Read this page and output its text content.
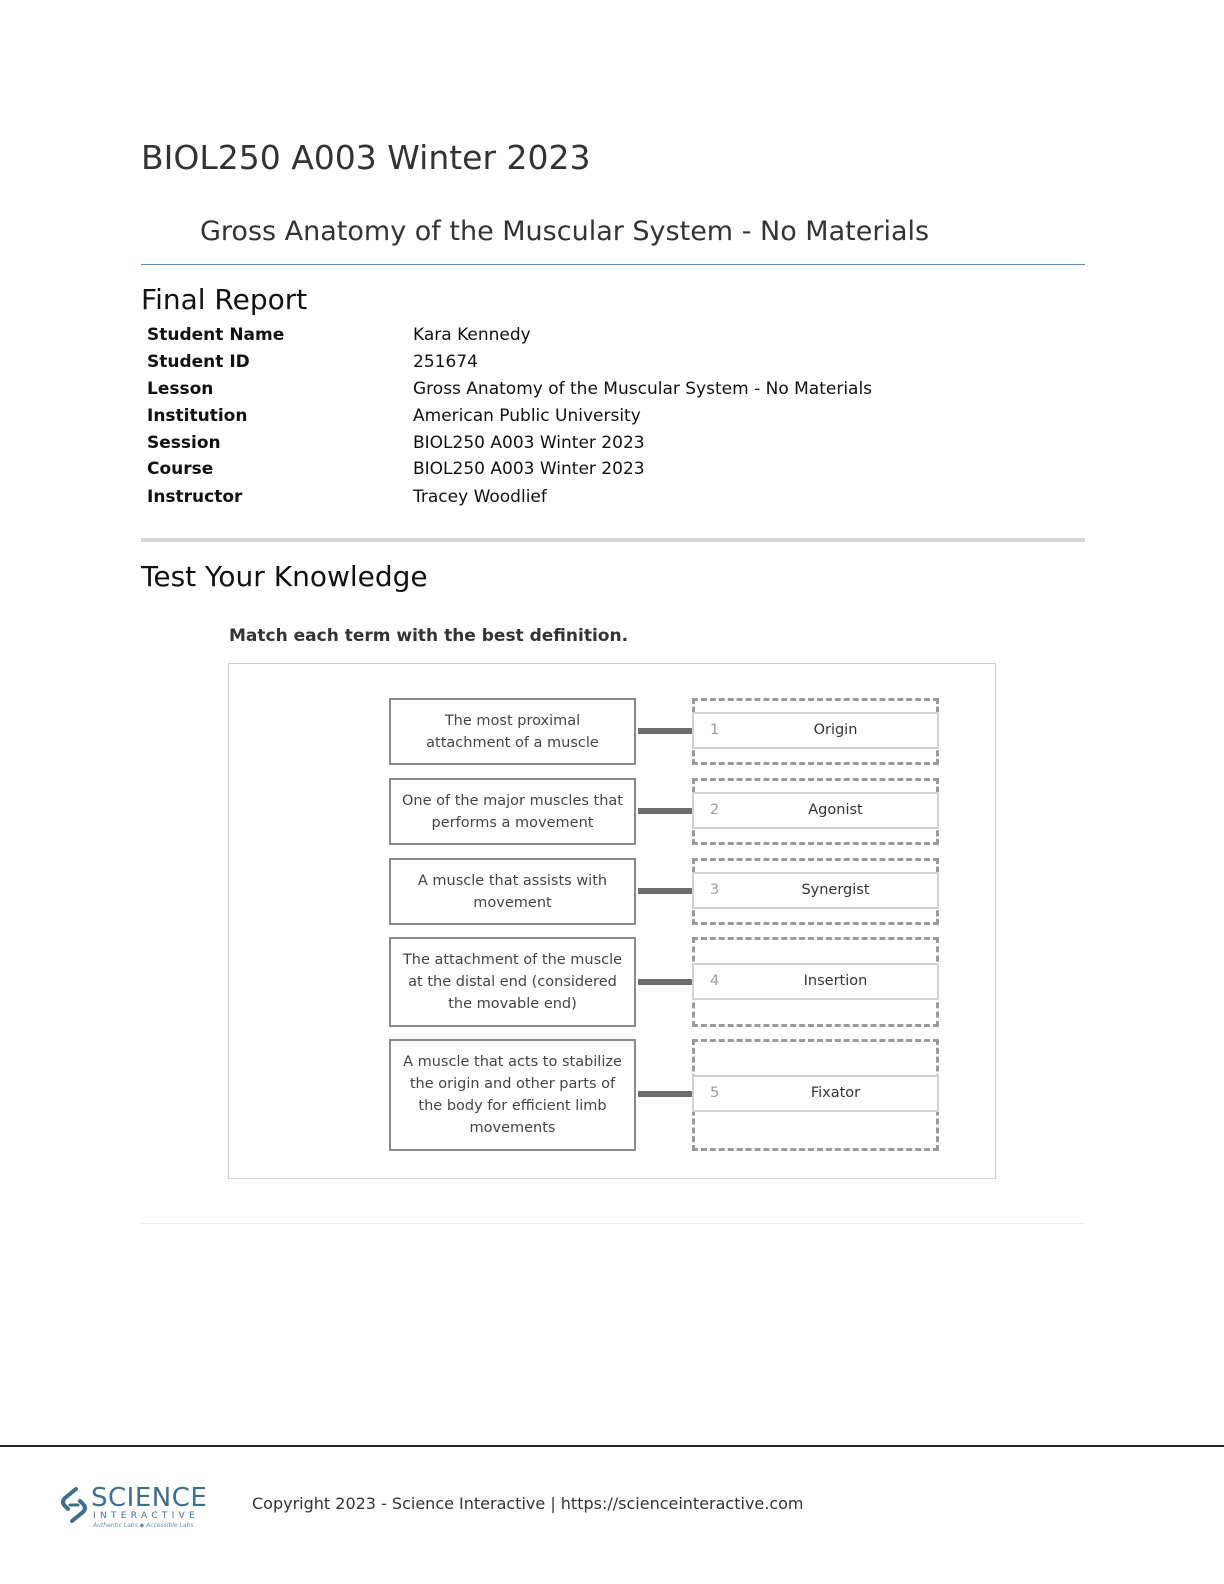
BIOL250 A003 Winter 2023
Gross Anatomy of the Muscular System - No Materials
Final Report
Student Name	Kara Kennedy
Student ID	251674
Lesson	Gross Anatomy of the Muscular System - No Materials
Institution	American Public University
Session	BIOL250 A003 Winter 2023
Course	BIOL250 A003 Winter 2023
Instructor	Tracey Woodlief
Test Your Knowledge
Match each term with the best definition.
The most proximal attachment of a muscle
1	Origin
One of the major muscles that performs a movement
2	Agonist
A muscle that assists with movement
3	Synergist
The attachment of the muscle at the distal end (considered the movable end)
4	Insertion
A muscle that acts to stabilize the origin and other parts of the body for efficient limb movements
5	Fixator
SCIENCE
INTERACTIVE
Authentic Labs ◆ Accessible Labs
Copyright 2023 - Science Interactive | https://scienceinteractive.com
